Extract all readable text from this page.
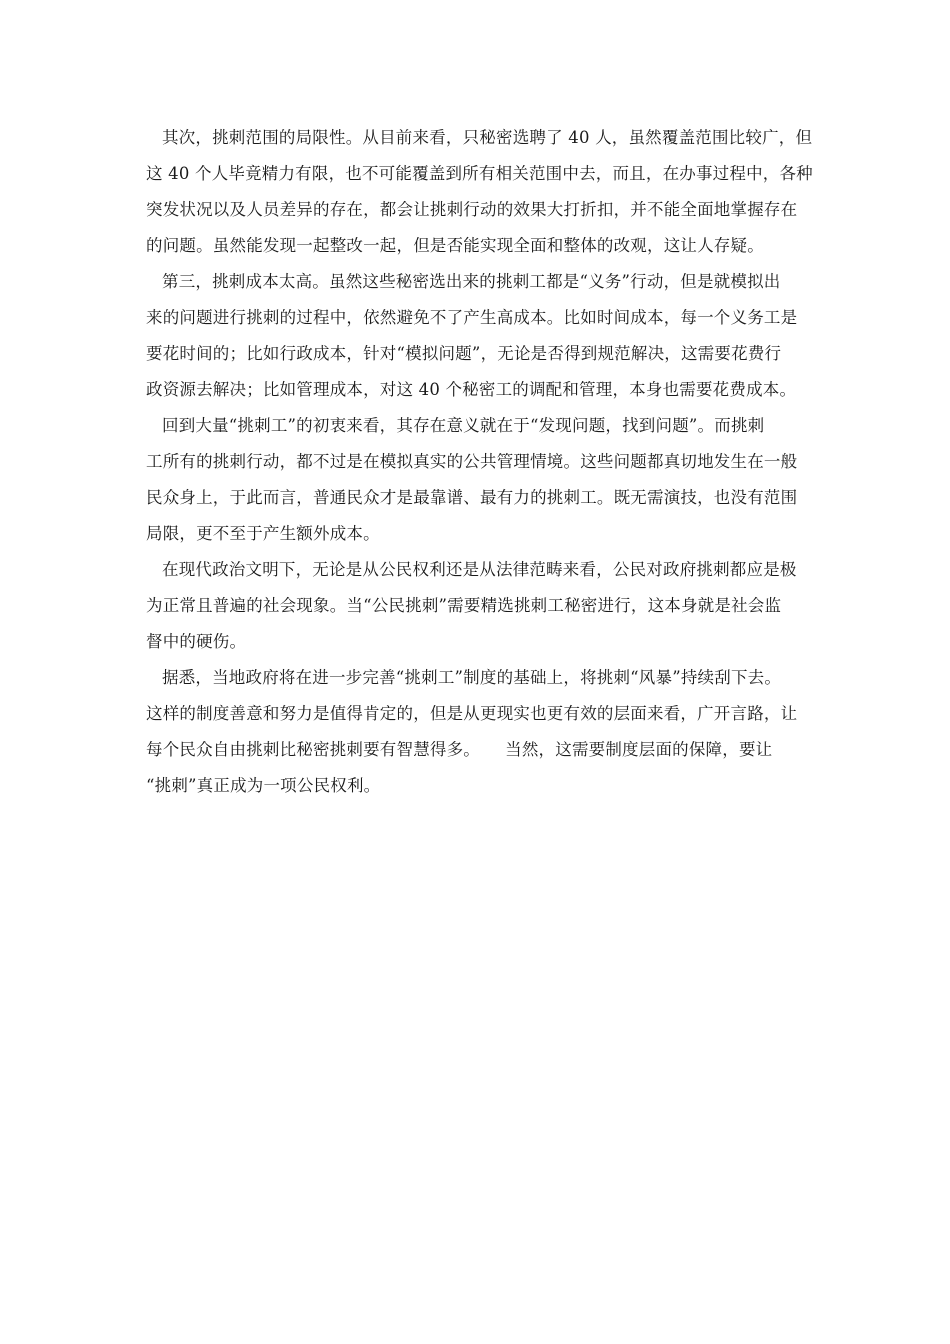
其次，挑刺范围的局限性。从目前来看，只秘密选聘了 40 人，虽然覆盖范围比较广，但
这 40 个人毕竟精力有限，也不可能覆盖到所有相关范围中去，而且，在办事过程中，各种
突发状况以及人员差异的存在，都会让挑刺行动的效果大打折扣，并不能全面地掌握存在
的问题。虽然能发现一起整改一起，但是否能实现全面和整体的改观，这让人存疑。
第三，挑刺成本太高。虽然这些秘密选出来的挑刺工都是“义务”行动，但是就模拟出
来的问题进行挑刺的过程中，依然避免不了产生高成本。比如时间成本，每一个义务工是
要花时间的；比如行政成本，针对“模拟问题”，无论是否得到规范解决，这需要花费行
政资源去解决；比如管理成本，对这 40 个秘密工的调配和管理，本身也需要花费成本。
回到大量“挑刺工”的初衷来看，其存在意义就在于“发现问题，找到问题”。而挑刺
工所有的挑刺行动，都不过是在模拟真实的公共管理情境。这些问题都真切地发生在一般
民众身上，于此而言，普通民众才是最靠谱、最有力的挑刺工。既无需演技，也没有范围
局限，更不至于产生额外成本。
在现代政治文明下，无论是从公民权利还是从法律范畴来看，公民对政府挑刺都应是极
为正常且普遍的社会现象。当“公民挑刺”需要精选挑刺工秘密进行，这本身就是社会监
督中的硬伤。
据悉，当地政府将在进一步完善“挑刺工”制度的基础上，将挑刺“风暴”持续刮下去。
这样的制度善意和努力是值得肯定的，但是从更现实也更有效的层面来看，广开言路，让
每个民众自由挑刺比秘密挑刺要有智慧得多。　　当然，这需要制度层面的保障，要让
“挑刺”真正成为一项公民权利。
